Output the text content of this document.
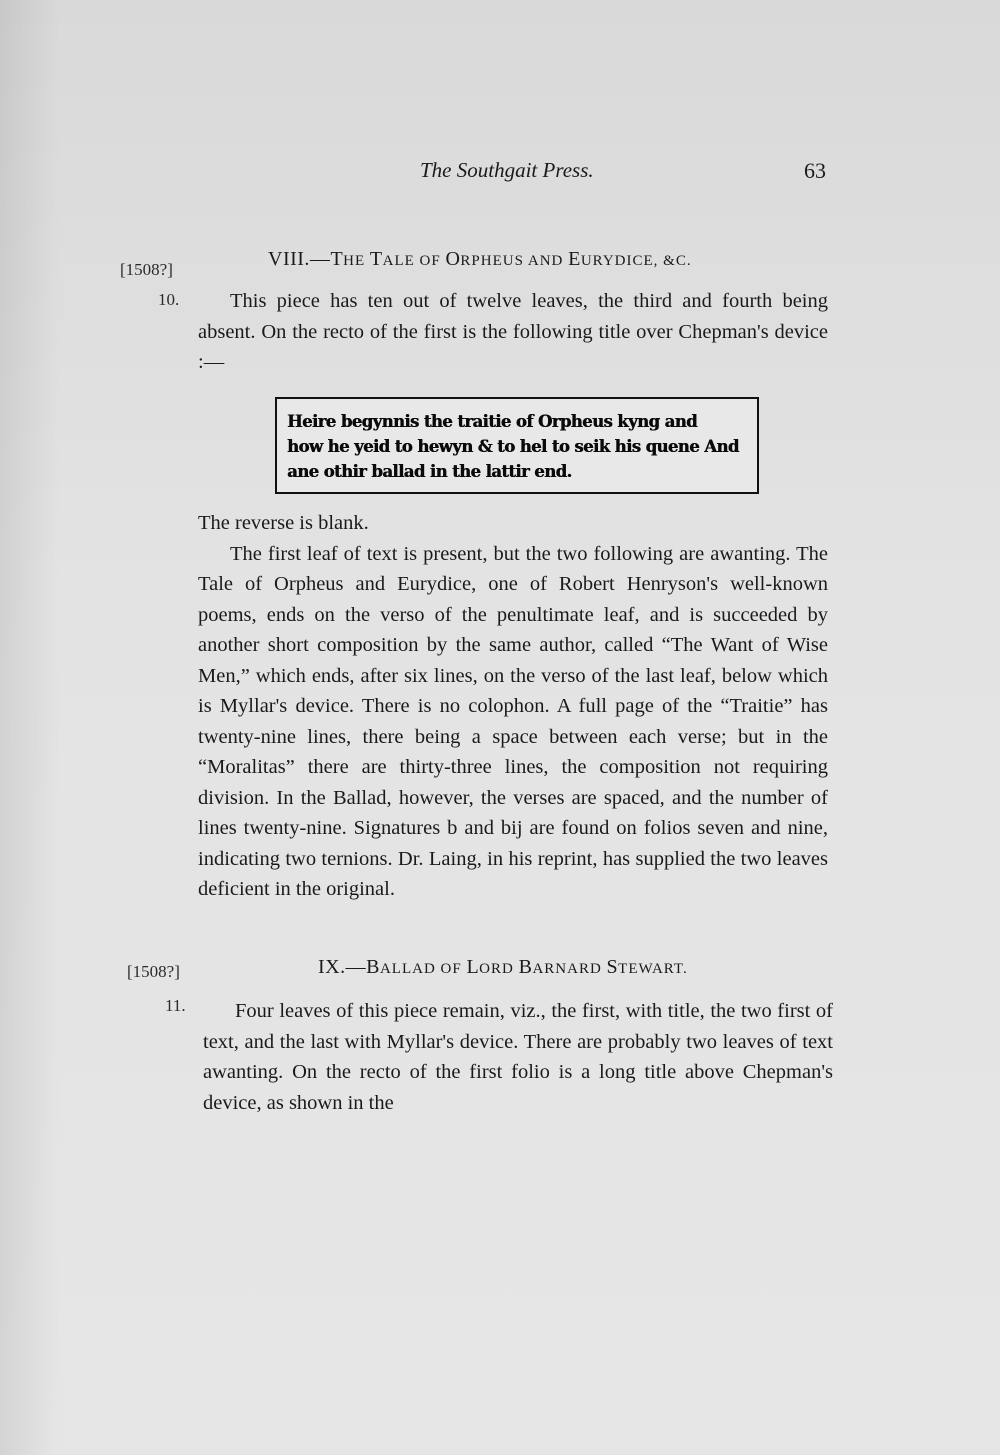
The Southgait Press.	63
[1508?]
10.
VIII.—THE TALE OF ORPHEUS AND EURYDICE, &C.

This piece has ten out of twelve leaves, the third and fourth being absent. On the recto of the first is the following title over Chepman's device :—

Heire begynnis the traitie of Orpheus kyng and
how he yeid to hewyn & to hel to seik his quene And
ane othir ballad in the lattir end.

The reverse is blank.

The first leaf of text is present, but the two following are awanting. The Tale of Orpheus and Eurydice, one of Robert Henryson's well-known poems, ends on the verso of the penultimate leaf, and is succeeded by another short composition by the same author, called “The Want of Wise Men,” which ends, after six lines, on the verso of the last leaf, below which is Myllar's device. There is no colophon. A full page of the “Traitie” has twenty-nine lines, there being a space between each verse; but in the “Moralitas” there are thirty-three lines, the composition not requiring division. In the Ballad, however, the verses are spaced, and the number of lines twenty-nine. Signatures b and bij are found on folios seven and nine, indicating two ternions. Dr. Laing, in his reprint, has supplied the two leaves deficient in the original.

[1508?]
11.
IX.—BALLAD OF LORD BARNARD STEWART.

Four leaves of this piece remain, viz., the first, with title, the two first of text, and the last with Myllar's device. There are probably two leaves of text awanting. On the recto of the first folio is a long title above Chepman's device, as shown in the
